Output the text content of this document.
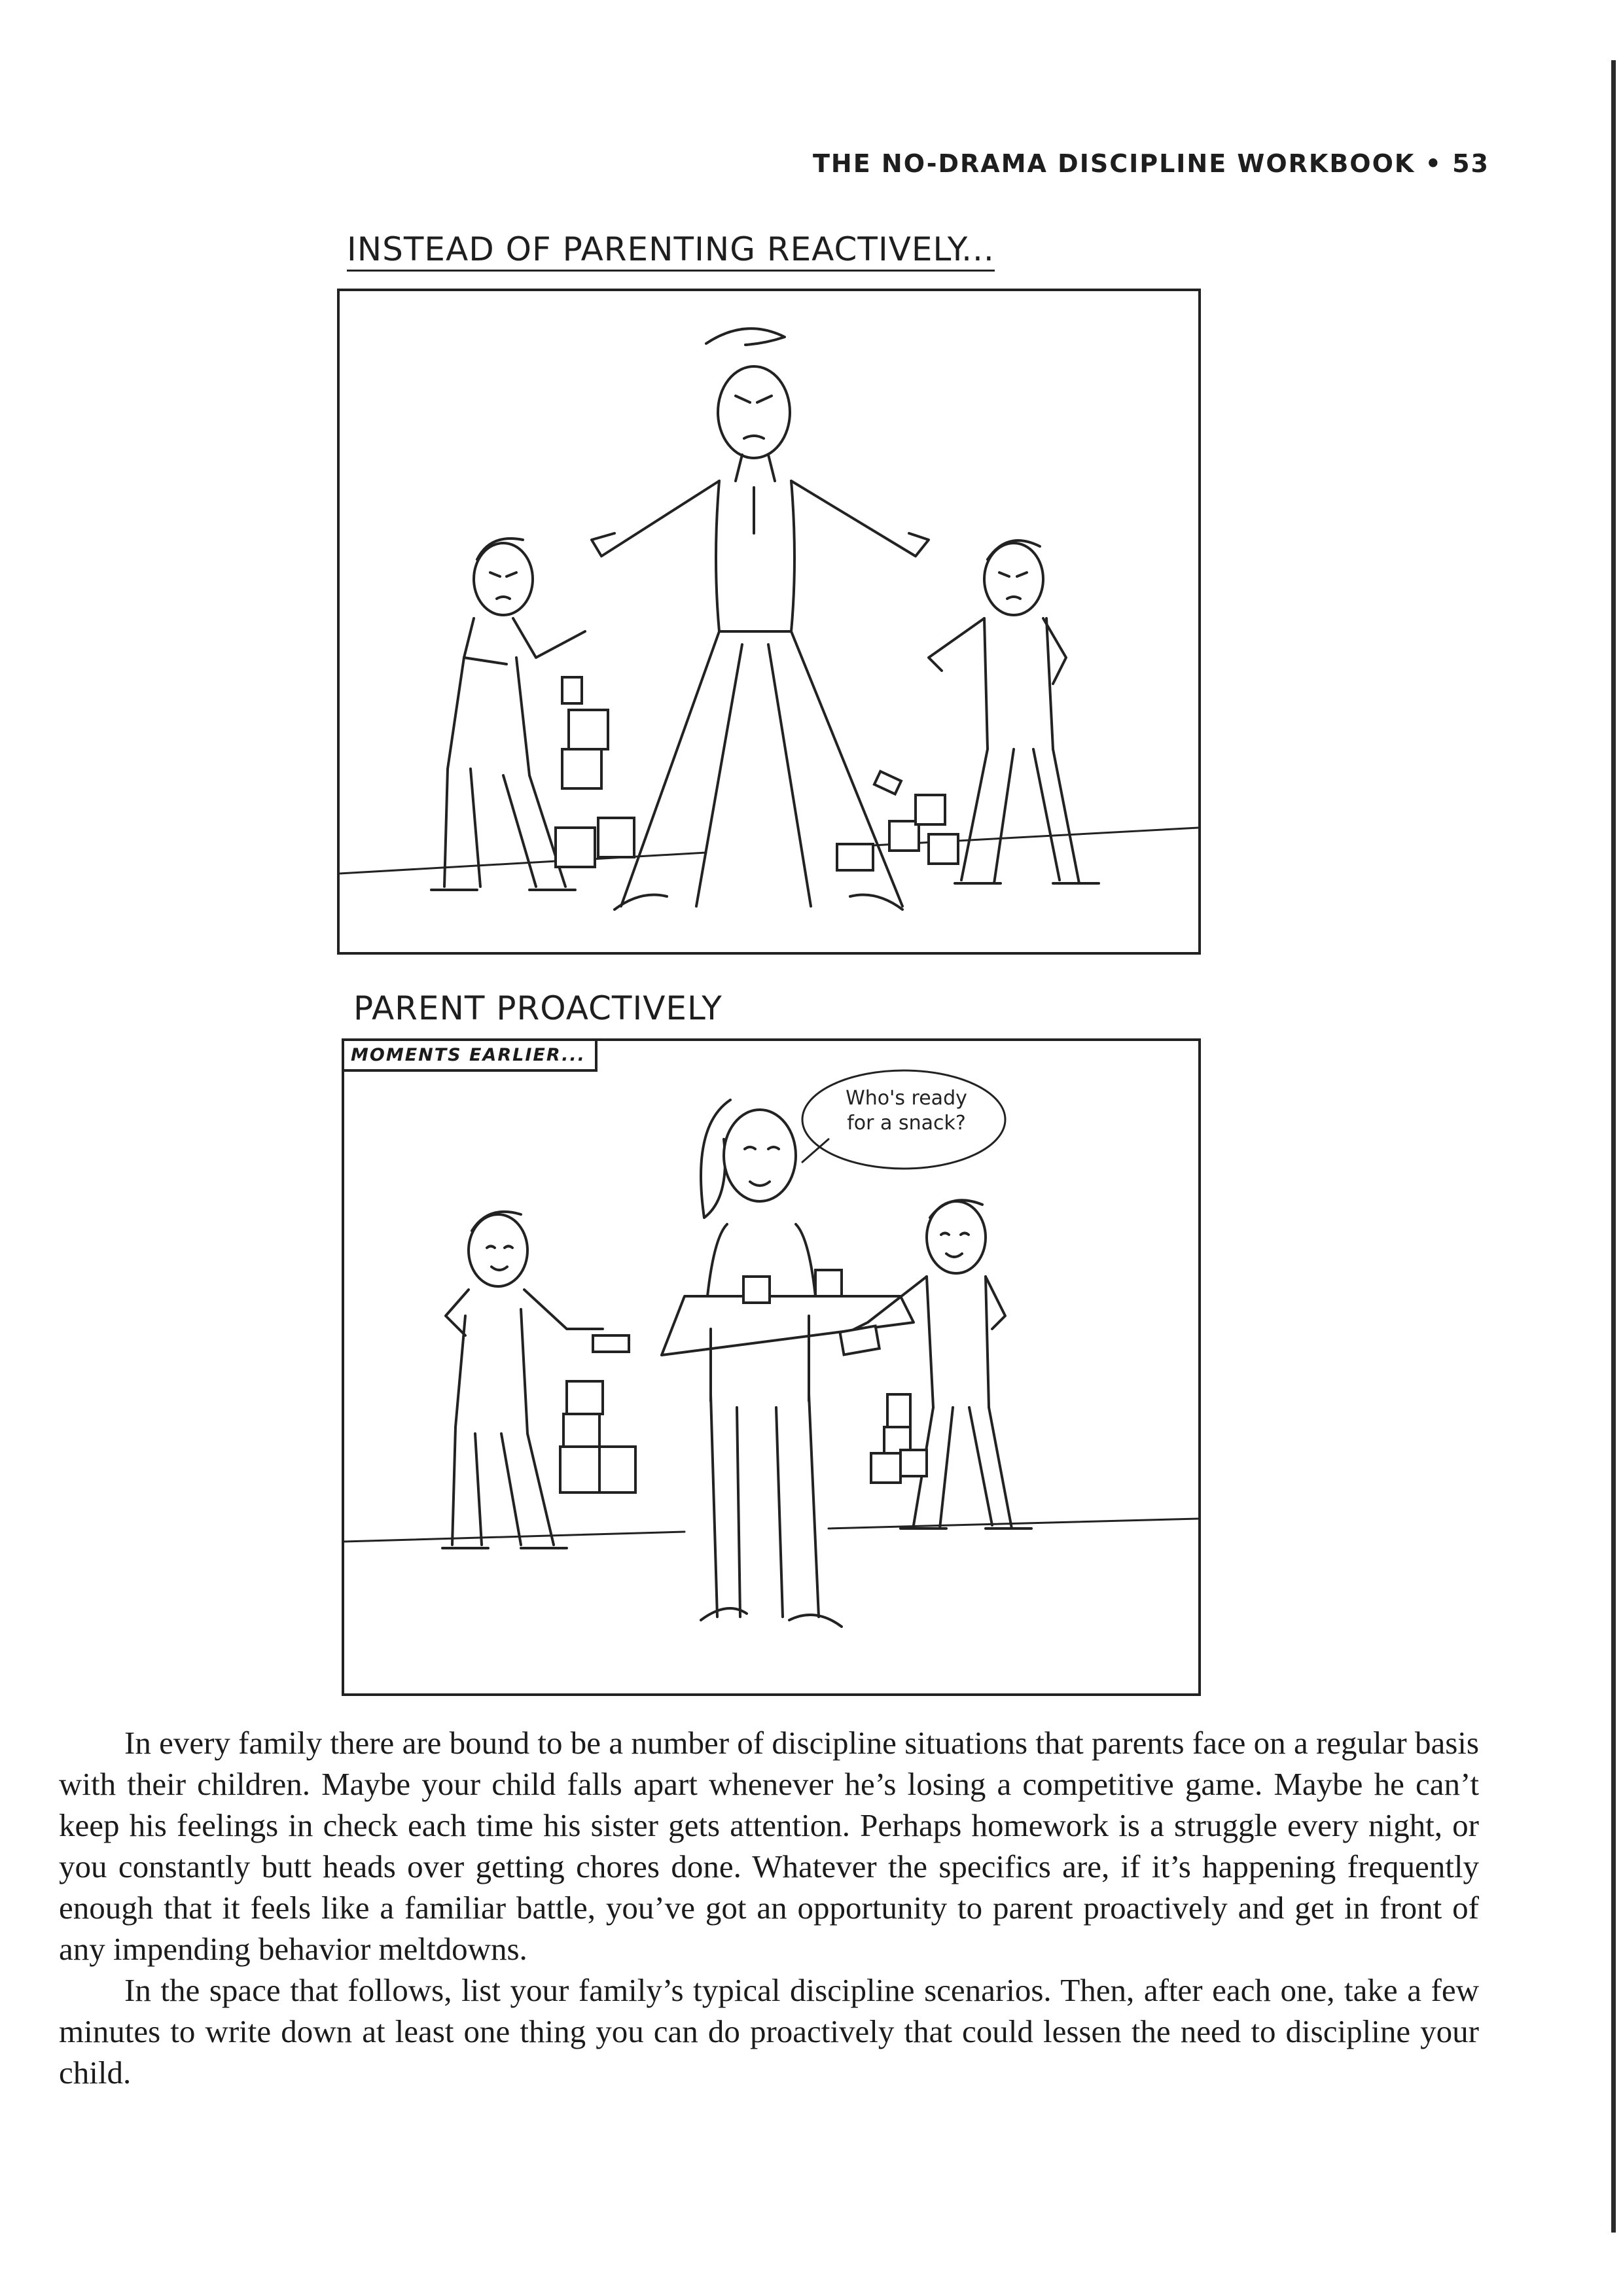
THE NO-DRAMA DISCIPLINE WORKBOOK • 53
INSTEAD OF PARENTING REACTIVELY...
PARENT PROACTIVELY
MOMENTS EARLIER...
Who's ready
for a snack?

In every family there are bound to be a number of discipline situations that parents face on a regular basis with their children. Maybe your child falls apart whenever he’s losing a competitive game. Maybe he can’t keep his feelings in check each time his sister gets attention. Perhaps homework is a struggle every night, or you constantly butt heads over getting chores done. Whatever the specifics are, if it’s happening frequently enough that it feels like a familiar battle, you’ve got an opportunity to parent proactively and get in front of any impending behavior meltdowns.

In the space that follows, list your family’s typical discipline scenarios. Then, after each one, take a few minutes to write down at least one thing you can do proactively that could lessen the need to discipline your child.
